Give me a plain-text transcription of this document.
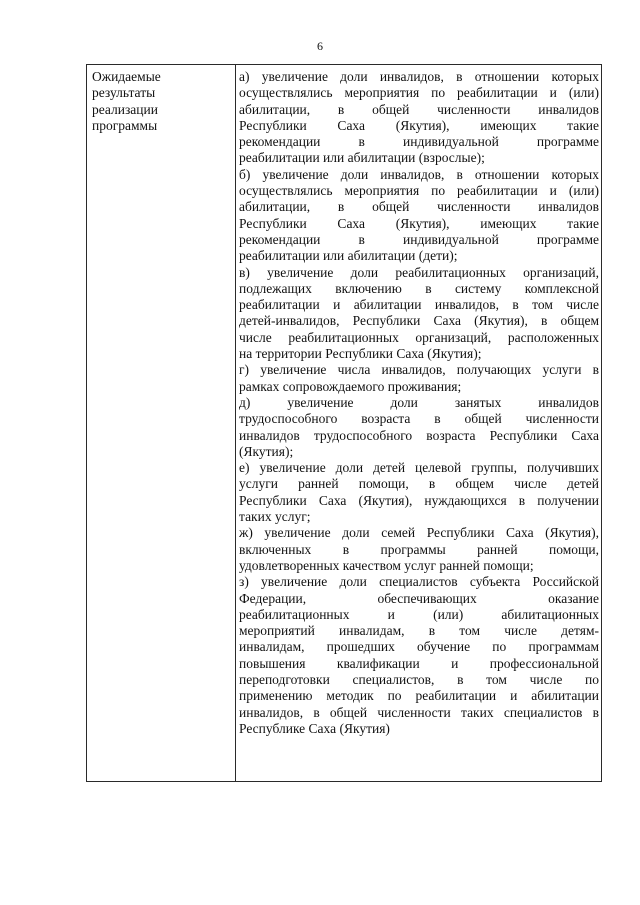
6
Ожидаемые
результаты
реализации
программы
а) увеличение доли инвалидов, в отношении которых
осуществлялись мероприятия по реабилитации и (или)
абилитации, в общей численности инвалидов
Республики Саха (Якутия), имеющих такие
рекомендации в индивидуальной программе
реабилитации или абилитации (взрослые);
б) увеличение доли инвалидов, в отношении которых
осуществлялись мероприятия по реабилитации и (или)
абилитации, в общей численности инвалидов
Республики Саха (Якутия), имеющих такие
рекомендации в индивидуальной программе
реабилитации или абилитации (дети);
в) увеличение доли реабилитационных организаций,
подлежащих включению в систему комплексной
реабилитации и абилитации инвалидов, в том числе
детей-инвалидов, Республики Саха (Якутия), в общем
числе реабилитационных организаций, расположенных
на территории Республики Саха (Якутия);
г) увеличение числа инвалидов, получающих услуги в
рамках сопровождаемого проживания;
д) увеличение доли занятых инвалидов
трудоспособного возраста в общей численности
инвалидов трудоспособного возраста Республики Саха
(Якутия);
е) увеличение доли детей целевой группы, получивших
услуги ранней помощи, в общем числе детей
Республики Саха (Якутия), нуждающихся в получении
таких услуг;
ж) увеличение доли семей Республики Саха (Якутия),
включенных в программы ранней помощи,
удовлетворенных качеством услуг ранней помощи;
з) увеличение доли специалистов субъекта Российской
Федерации, обеспечивающих оказание
реабилитационных и (или) абилитационных
мероприятий инвалидам, в том числе детям-
инвалидам, прошедших обучение по программам
повышения квалификации и профессиональной
переподготовки специалистов, в том числе по
применению методик по реабилитации и абилитации
инвалидов, в общей численности таких специалистов в
Республике Саха (Якутия)
